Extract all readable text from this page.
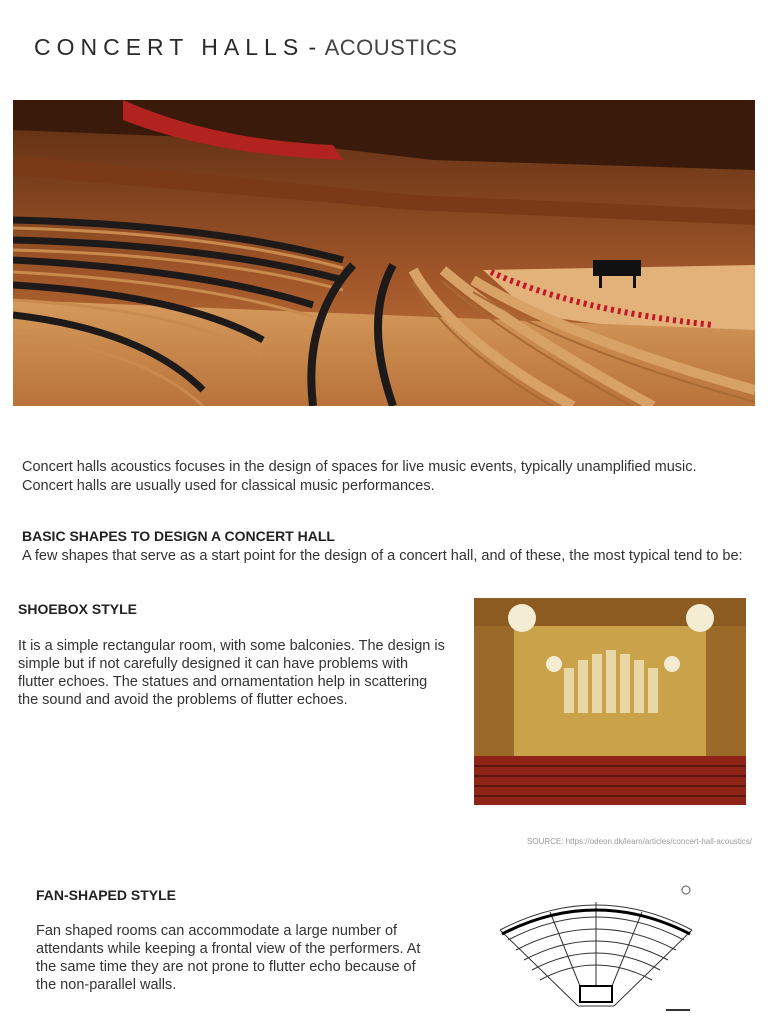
CONCERT HALLS - ACOUSTICS
Concert halls acoustics focuses in the design of spaces for live music events, typically unamplified music. Concert halls are usually used for classical music performances.
BASIC SHAPES TO DESIGN A CONCERT HALL
A few shapes that serve as a start point for the design of a concert hall, and of these, the most typical tend to be:
SHOEBOX STYLE
It is a simple rectangular room, with some balconies. The design is simple but if not carefully designed it can have problems with flutter echoes. The statues and ornamentation help in scattering the sound and avoid the problems of flutter echoes.
SOURCE: https://odeon.dk/learn/articles/concert-hall-acoustics/
FAN-SHAPED STYLE
Fan shaped rooms can accommodate a large number of attendants while keeping a frontal view of the performers. At the same time they are not prone to flutter echo because of the non-parallel walls.
